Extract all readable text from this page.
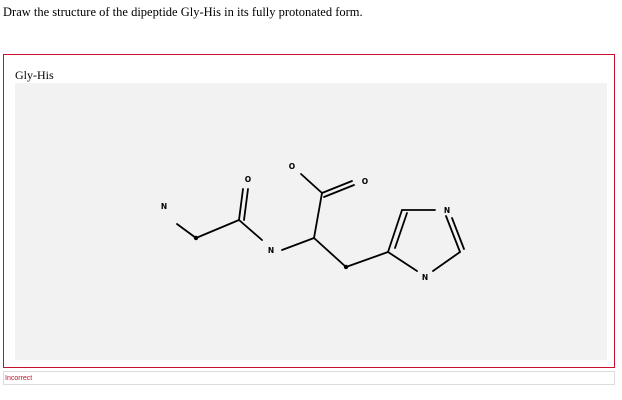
Draw the structure of the dipeptide Gly-His in its fully protonated form.
Gly-His
N
O
N
O
O
N
N
Incorrect
